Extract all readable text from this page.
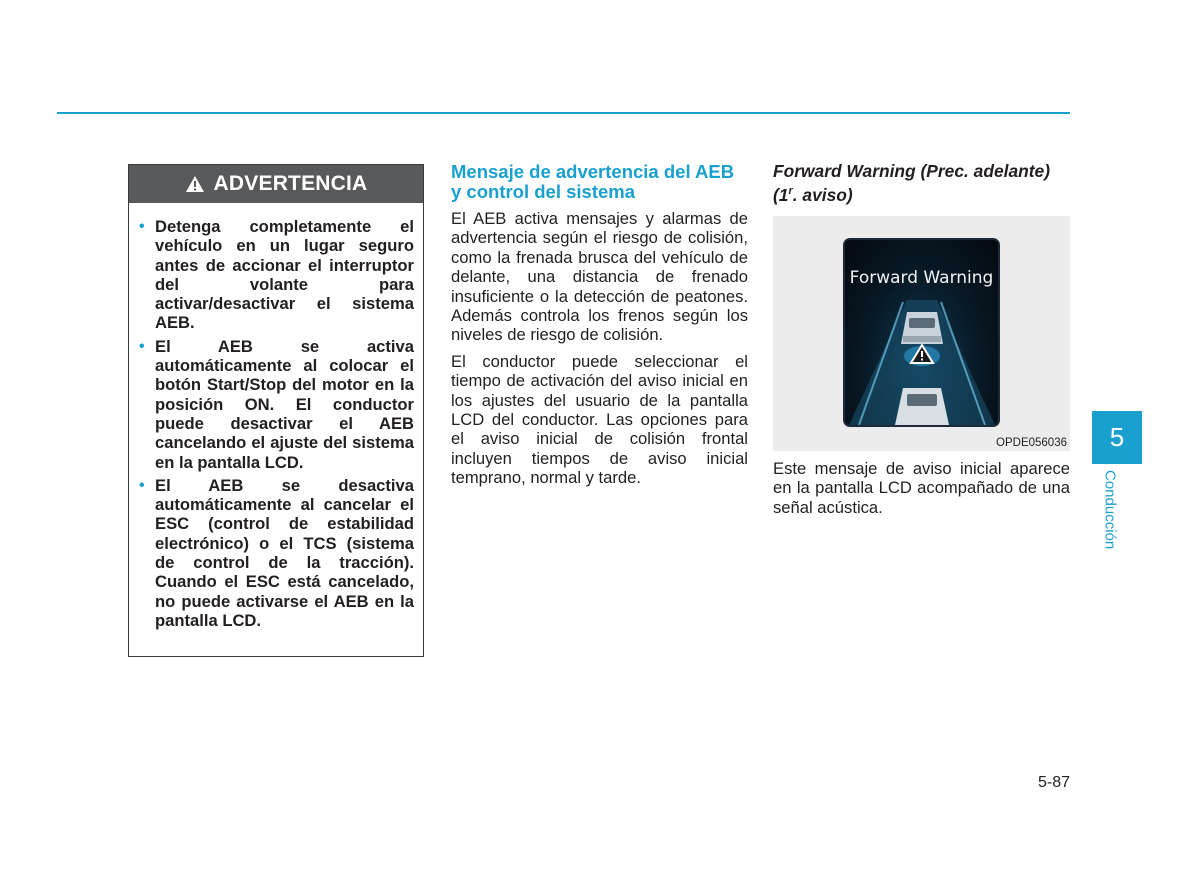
ADVERTENCIA
• Detenga completamente el vehículo en un lugar seguro antes de accionar el interruptor del volante para activar/desactivar el sistema AEB.
• El AEB se activa automáticamente al colocar el botón Start/Stop del motor en la posición ON. El conductor puede desactivar el AEB cancelando el ajuste del sistema en la pantalla LCD.
• El AEB se desactiva automáticamente al cancelar el ESC (control de estabilidad electrónico) o el TCS (sistema de control de la tracción). Cuando el ESC está cancelado, no puede activarse el AEB en la pantalla LCD.
Mensaje de advertencia del AEB y control del sistema

El AEB activa mensajes y alarmas de advertencia según el riesgo de colisión, como la frenada brusca del vehículo de delante, una distancia de frenado insuficiente o la detección de peatones. Además controla los frenos según los niveles de riesgo de colisión.

El conductor puede seleccionar el tiempo de activación del aviso inicial en los ajustes del usuario de la pantalla LCD del conductor. Las opciones para el aviso inicial de colisión frontal incluyen tiempos de aviso inicial temprano, normal y tarde.

Forward Warning (Prec. adelante) (1$^r$. aviso)
Forward Warning
OPDE056036

Este mensaje de aviso inicial aparece en la pantalla LCD acompañado de una señal acústica.

5
Conducción
5-87
